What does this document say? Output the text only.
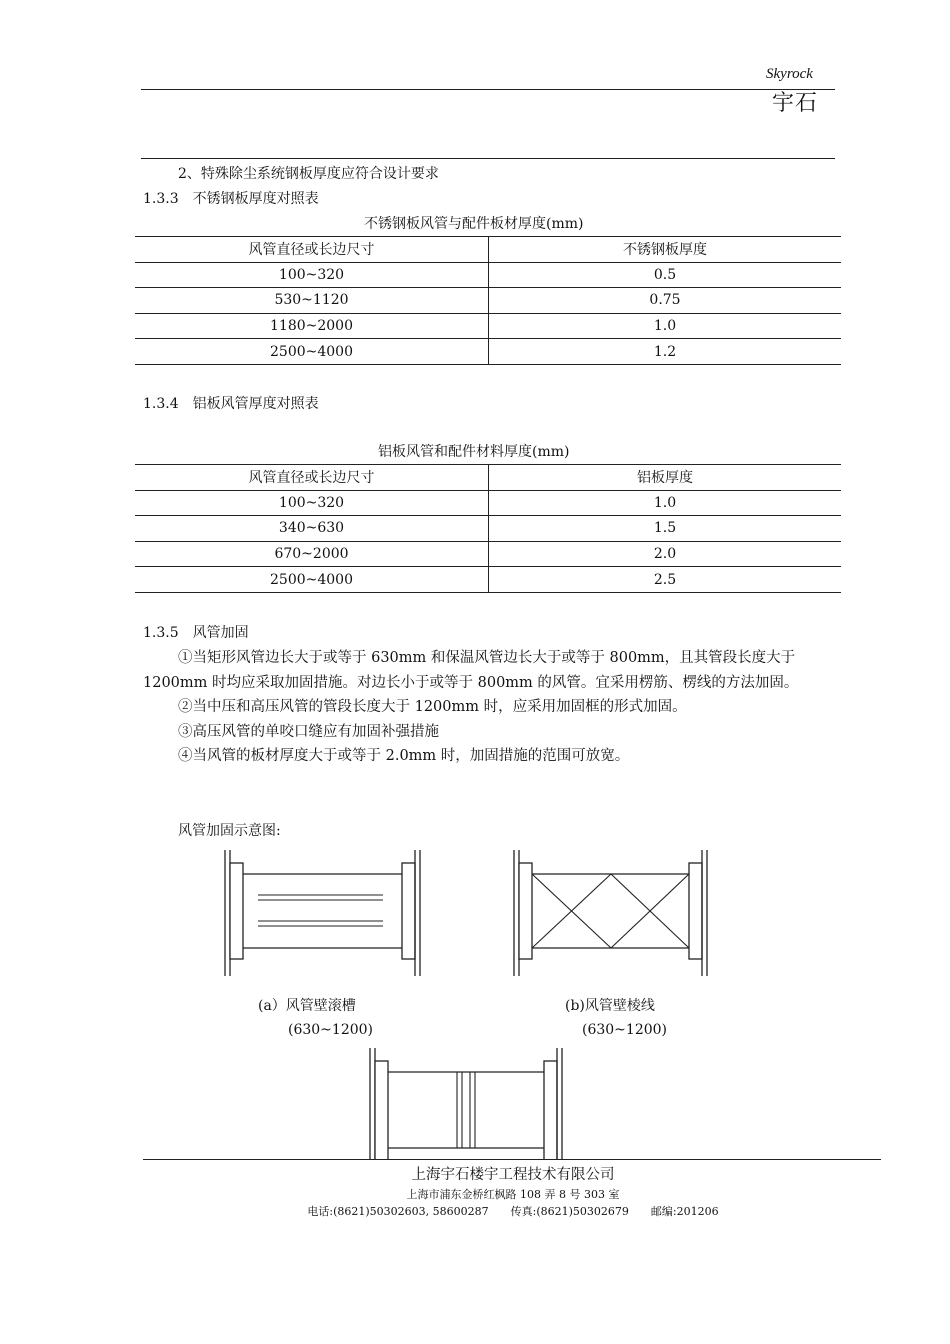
Skyrock
宇石
2、特殊除尘系统钢板厚度应符合设计要求
1.3.3　不锈钢板厚度对照表
不锈钢板风管与配件板材厚度(mm)
风管直径或长边尺寸	不锈钢板厚度
100~320	0.5
530~1120	0.75
1180~2000	1.0
2500~4000	1.2
1.3.4　铝板风管厚度对照表
铝板风管和配件材料厚度(mm)
风管直径或长边尺寸	铝板厚度
100~320	1.0
340~630	1.5
670~2000	2.0
2500~4000	2.5
1.3.5　风管加固

①当矩形风管边长大于或等于 630mm 和保温风管边长大于或等于 800mm，且其管段长度大于 1200mm 时均应采取加固措施。对边长小于或等于 800mm 的风管。宜采用楞筋、楞线的方法加固。

②当中压和高压风管的管段长度大于 1200mm 时，应采用加固框的形式加固。

③高压风管的单咬口缝应有加固补强措施

④当风管的板材厚度大于或等于 2.0mm 时，加固措施的范围可放宽。

风管加固示意图:
(a）风管壁滚槽
(630~1200)
(b)风管壁棱线
(630~1200)
上海宇石楼宇工程技术有限公司
上海市浦东金桥红枫路 108 弄 8 号 303 室
电话:(8621)50302603, 58600287　　传真:(8621)50302679　　邮编:201206
